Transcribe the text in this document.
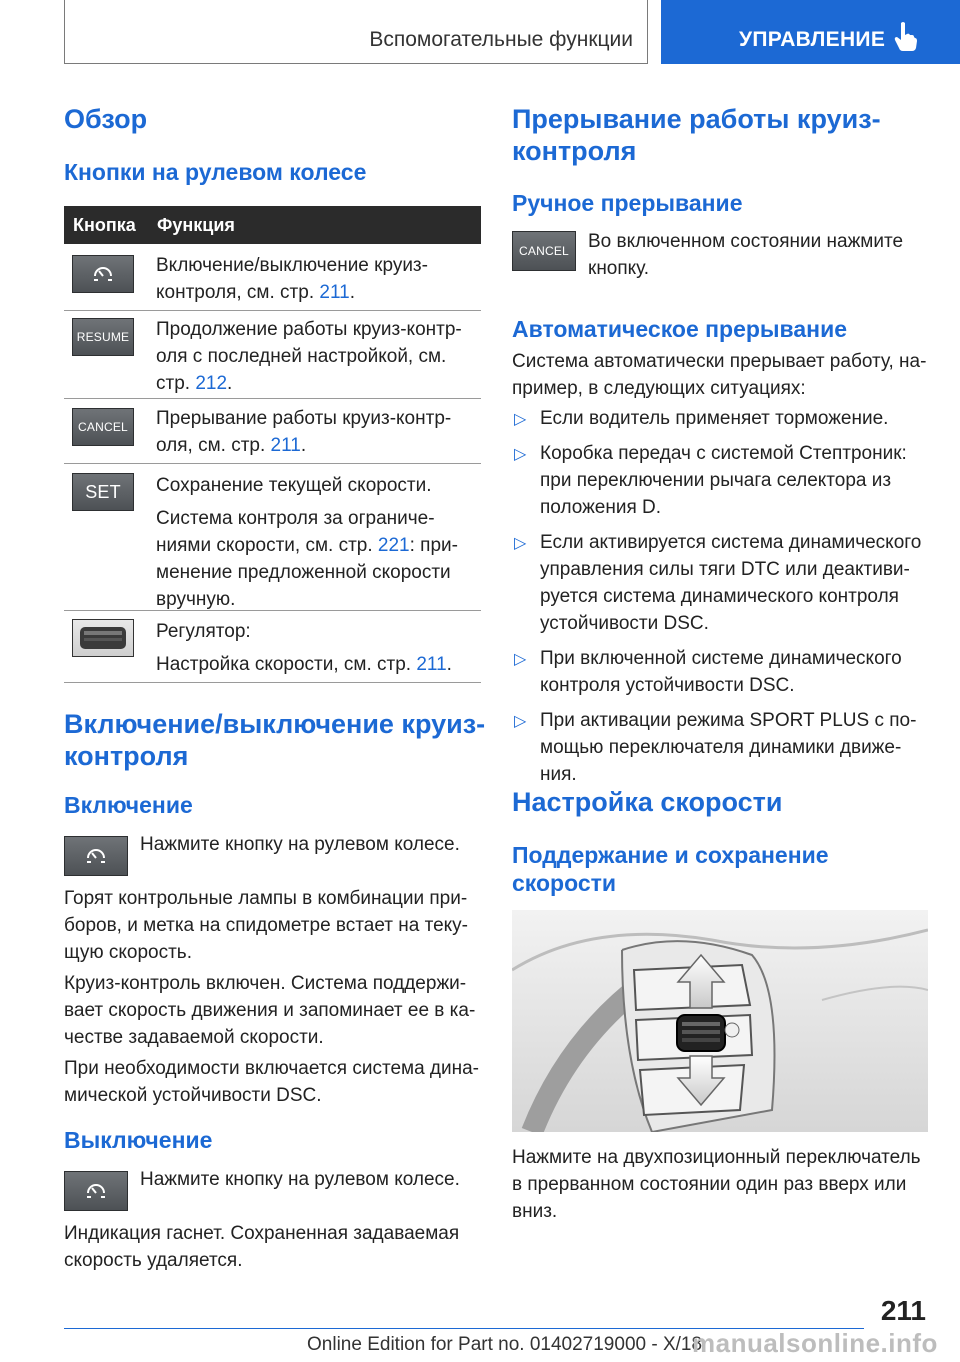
Вспомогательные функции	УПРАВЛЕНИЕ
Обзор
Кнопки на рулевом колесе
Кнопка Функция
Включение/выключение круиз-
контроля, см. стр. 211.
RESUME Продолжение работы круиз-контр-
оля с последней настройкой, см.
стр. 212.
CANCEL Прерывание работы круиз-контр-
оля, см. стр. 211.
SET Сохранение текущей скорости.
Система контроля за ограниче-
ниями скорости, см. стр. 221: при-
менение предложенной скорости
вручную.
Регулятор:
Настройка скорости, см. стр. 211.
Включение/выключение круиз-
контроля
Включение
Нажмите кнопку на рулевом колесе.
Горят контрольные лампы в комбинации при-
боров, и метка на спидометре встает на теку-
щую скорость.
Круиз-контроль включен. Система поддержи-
вает скорость движения и запоминает ее в ка-
честве задаваемой скорости.
При необходимости включается система дина-
мической устойчивости DSC.
Выключение
Нажмите кнопку на рулевом колесе.
Индикация гаснет. Сохраненная задаваемая
скорость удаляется.
Прерывание работы круиз-
контроля
Ручное прерывание
CANCEL Во включенном состоянии нажмите
кнопку.
Автоматическое прерывание
Система автоматически прерывает работу, на-
пример, в следующих ситуациях:
▷ Если водитель применяет торможение.
▷ Коробка передач с системой Стептроник:
при переключении рычага селектора из
положения D.
▷ Если активируется система динамического
управления силы тяги DTC или деактиви-
руется система динамического контроля
устойчивости DSC.
▷ При включенной системе динамического
контроля устойчивости DSC.
▷ При активации режима SPORT PLUS с по-
мощью переключателя динамики движе-
ния.
Настройка скорости
Поддержание и сохранение
скорости
Нажмите на двухпозиционный переключатель
в прерванном состоянии один раз вверх или
вниз.
211
Online Edition for Part no. 01402719000 - X/18
manualsonline.info
